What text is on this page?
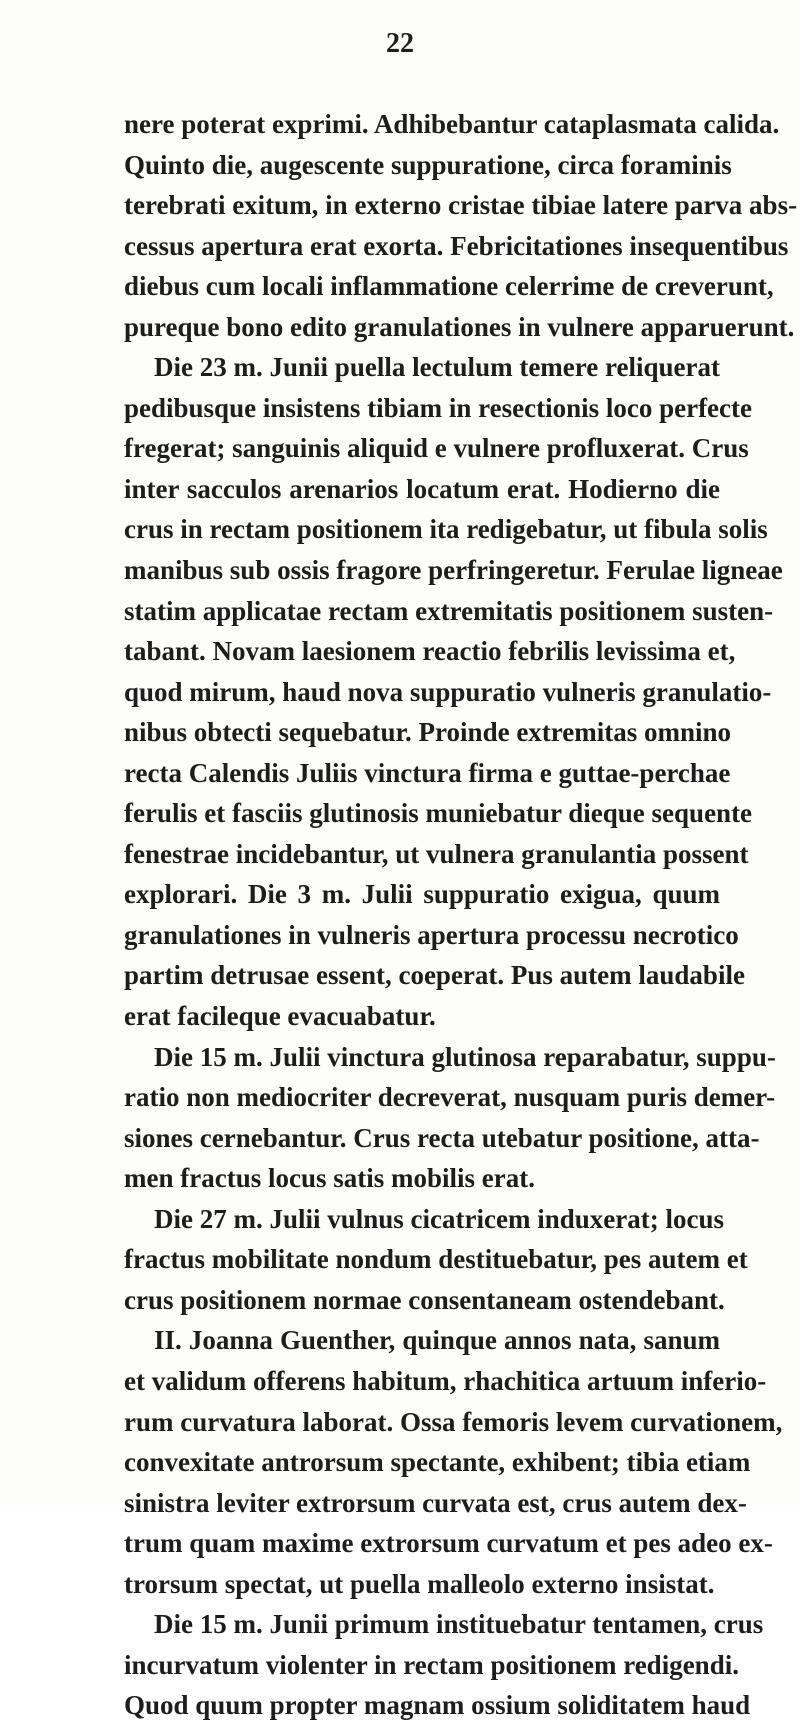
22
nere poterat exprimi. Adhibebantur cataplasmata calida.
Quinto die, augescente suppuratione, circa foraminis
terebrati exitum, in externo cristae tibiae latere parva abs-
cessus apertura erat exorta. Febricitationes insequentibus
diebus cum locali inflammatione celerrime de creverunt,
pureque bono edito granulationes in vulnere apparuerunt.
Die 23 m. Junii puella lectulum temere reliquerat
pedibusque insistens tibiam in resectionis loco perfecte
fregerat; sanguinis aliquid e vulnere profluxerat. Crus
inter sacculos arenarios locatum erat. Hodierno die
crus in rectam positionem ita redigebatur, ut fibula solis
manibus sub ossis fragore perfringeretur. Ferulae ligneae
statim applicatae rectam extremitatis positionem susten-
tabant. Novam laesionem reactio febrilis levissima et,
quod mirum, haud nova suppuratio vulneris granulatio-
nibus obtecti sequebatur. Proinde extremitas omnino
recta Calendis Juliis vinctura firma e guttae-perchae
ferulis et fasciis glutinosis muniebatur dieque sequente
fenestrae incidebantur, ut vulnera granulantia possent
explorari. Die 3 m. Julii suppuratio exigua, quum
granulationes in vulneris apertura processu necrotico
partim detrusae essent, coeperat. Pus autem laudabile
erat facileque evacuabatur.
Die 15 m. Julii vinctura glutinosa reparabatur, suppu-
ratio non mediocriter decreverat, nusquam puris demer-
siones cernebantur. Crus recta utebatur positione, atta-
men fractus locus satis mobilis erat.
Die 27 m. Julii vulnus cicatricem induxerat; locus
fractus mobilitate nondum destituebatur, pes autem et
crus positionem normae consentaneam ostendebant.
II. Joanna Guenther, quinque annos nata, sanum
et validum offerens habitum, rhachitica artuum inferio-
rum curvatura laborat. Ossa femoris levem curvationem,
convexitate antrorsum spectante, exhibent; tibia etiam
sinistra leviter extrorsum curvata est, crus autem dex-
trum quam maxime extrorsum curvatum et pes adeo ex-
trorsum spectat, ut puella malleolo externo insistat.
Die 15 m. Junii primum instituebatur tentamen, crus
incurvatum violenter in rectam positionem redigendi.
Quod quum propter magnam ossium soliditatem haud
